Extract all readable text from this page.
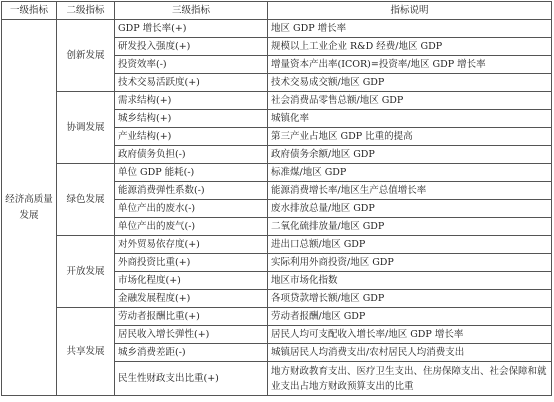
一级指标	二级指标	三级指标	指标说明
经济高质量发展	创新发展	GDP 增长率(+)	地区 GDP 增长率
		研发投入强度(+)	规模以上工业企业 R&D 经费/地区 GDP
		投资效率(-)	增量资本产出率(ICOR)=投资率/地区 GDP 增长率
		技术交易活跃度(+)	技术交易成交额/地区 GDP
	协调发展	需求结构(+)	社会消费品零售总额/地区 GDP
		城乡结构(+)	城镇化率
		产业结构(+)	第三产业占地区 GDP 比重的提高
		政府债务负担(-)	政府债务余额/地区 GDP
	绿色发展	单位 GDP 能耗(-)	标准煤/地区 GDP
		能源消费弹性系数(-)	能源消费增长率/地区生产总值增长率
		单位产出的废水(-)	废水排放总量/地区 GDP
		单位产出的废气(-)	二氧化硫排放量/地区 GDP
	开放发展	对外贸易依存度(+)	进出口总额/地区 GDP
		外商投资比重(+)	实际利用外商投资/地区 GDP
		市场化程度(+)	地区市场化指数
		金融发展程度(+)	各项贷款增长额/地区 GDP
	共享发展	劳动者报酬比重(+)	劳动者报酬/地区 GDP
		居民收入增长弹性(+)	居民人均可支配收入增长率/地区 GDP 增长率
		城乡消费差距(-)	城镇居民人均消费支出/农村居民人均消费支出
		民生性财政支出比重(+)	地方财政教育支出、医疗卫生支出、住房保障支出、社会保障和就业支出占地方财政预算支出的比重
